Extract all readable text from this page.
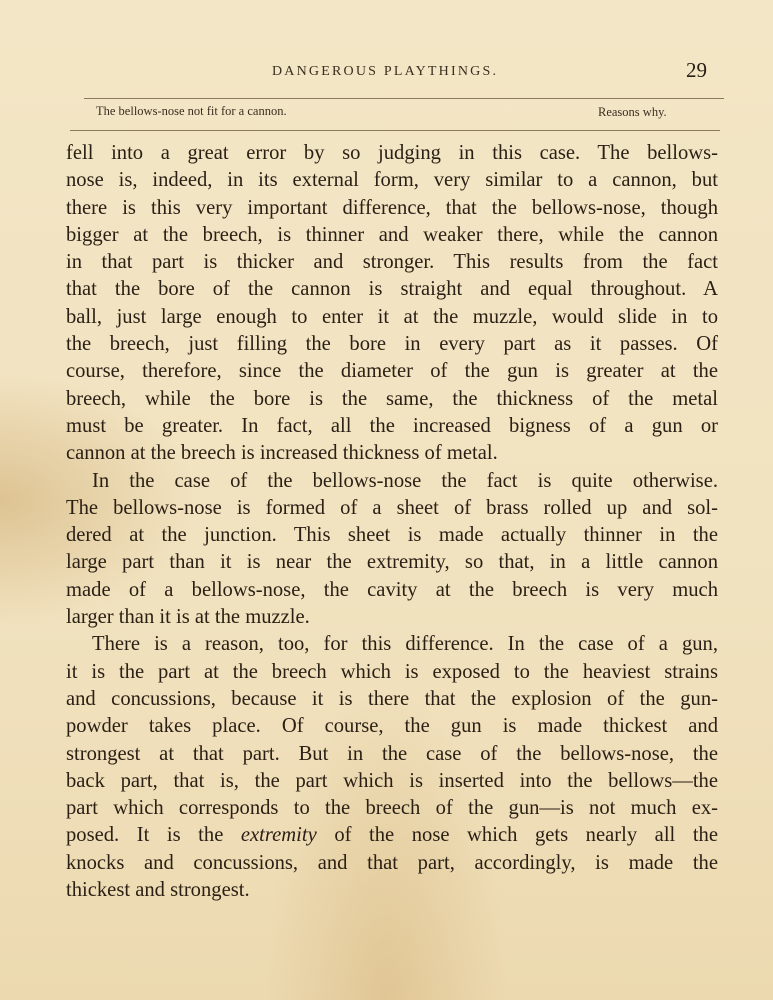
DANGEROUS PLAYTHINGS.	29
The bellows-nose not fit for a cannon.	Reasons why.
fell into a great error by so judging in this case. The bellows-
nose is, indeed, in its external form, very similar to a cannon, but
there is this very important difference, that the bellows-nose, though
bigger at the breech, is thinner and weaker there, while the cannon
in that part is thicker and stronger. This results from the fact
that the bore of the cannon is straight and equal throughout. A
ball, just large enough to enter it at the muzzle, would slide in to
the breech, just filling the bore in every part as it passes. Of
course, therefore, since the diameter of the gun is greater at the
breech, while the bore is the same, the thickness of the metal
must be greater. In fact, all the increased bigness of a gun or
cannon at the breech is increased thickness of metal.
In the case of the bellows-nose the fact is quite otherwise.
The bellows-nose is formed of a sheet of brass rolled up and sol-
dered at the junction. This sheet is made actually thinner in the
large part than it is near the extremity, so that, in a little cannon
made of a bellows-nose, the cavity at the breech is very much
larger than it is at the muzzle.
There is a reason, too, for this difference. In the case of a gun,
it is the part at the breech which is exposed to the heaviest strains
and concussions, because it is there that the explosion of the gun-
powder takes place. Of course, the gun is made thickest and
strongest at that part. But in the case of the bellows-nose, the
back part, that is, the part which is inserted into the bellows—the
part which corresponds to the breech of the gun—is not much ex-
posed. It is the extremity of the nose which gets nearly all the
knocks and concussions, and that part, accordingly, is made the
thickest and strongest.
